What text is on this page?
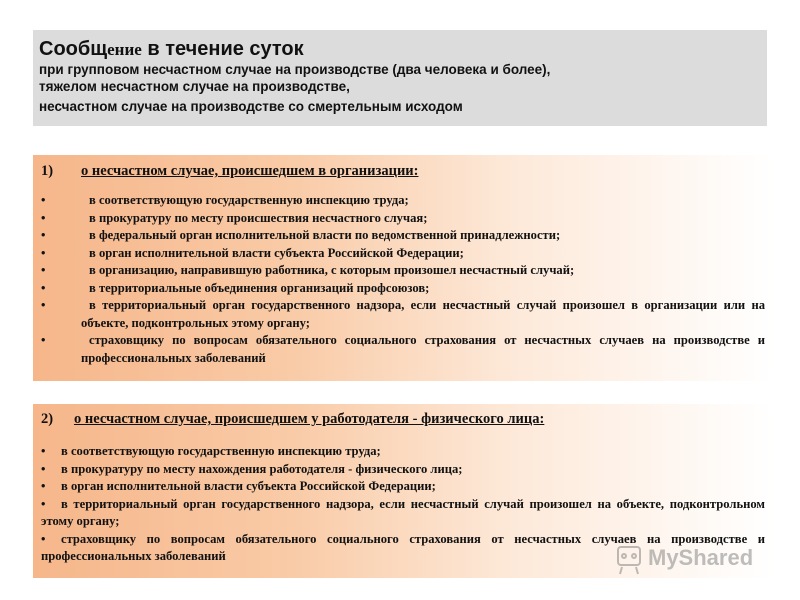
Сообщение в течение суток
при групповом несчастном случае на производстве (два человека и более),
тяжелом несчастном случае на производстве,
несчастном случае на производстве со смертельным исходом
1) о несчастном случае, происшедшем в организации:
•	в соответствующую государственную инспекцию труда;
•	в прокуратуру по месту происшествия несчастного случая;
•	в федеральный орган исполнительной власти по ведомственной принадлежности;
•	в орган исполнительной власти субъекта Российской Федерации;
•	в организацию, направившую работника, с которым произошел несчастный случай;
•	в территориальные объединения организаций профсоюзов;
•	в территориальный орган государственного надзора, если несчастный случай произошел в организации или на объекте, подконтрольных этому органу;
•	страховщику по вопросам обязательного социального страхования от несчастных случаев на производстве и профессиональных заболеваний
2) о несчастном случае, происшедшем у работодателя - физического лица:
•	в соответствующую государственную инспекцию труда;
•	в прокуратуру по месту нахождения работодателя - физического лица;
•	в орган исполнительной власти субъекта Российской Федерации;
•	в территориальный орган государственного надзора, если несчастный случай произошел на объекте, подконтрольном этому органу;
•	страховщику по вопросам обязательного социального страхования от несчастных случаев на производстве и профессиональных заболеваний	MyShared
